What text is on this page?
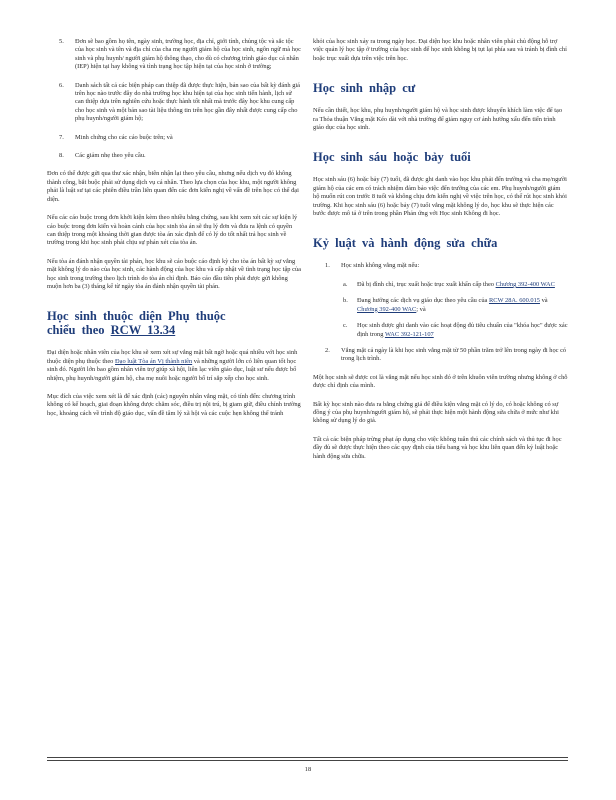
5. Đơn sẽ bao gồm họ tên, ngày sinh, trường học, địa chỉ, giới tính, chủng tộc và sắc tộc của học sinh và tên và địa chỉ của cha mẹ người giám hộ của học sinh, ngôn ngữ mà học sinh và phụ huynh/ người giám hộ thông thạo, cho dù có chương trình giáo dục cá nhân (IEP) hiện tại hay không và tình trạng học tập hiện tại của học sinh ở trường;
6. Danh sách tất cả các biện pháp can thiệp đã được thực hiện, bản sao của bất kỳ đánh giá trên học nào trước đây do nhà trường học khu hiện tại của học sinh tiến hành, lịch sử can thiệp dựa trên nghiên cứu hoặc thực hành tốt nhất mà trước đây học khu cung cấp cho học sinh và một bản sao tài liệu thông tin trên học gần đây nhất được cung cấp cho phụ huynh/người giám hộ;
7. Minh chứng cho các cáo buộc trên; và
8. Các giảm nhẹ theo yêu cầu.

Đơn có thể được gửi qua thư xác nhận, biên nhận lại theo yêu cầu, nhưng nếu dịch vụ đó không thành công, bắt buộc phải sử dụng dịch vụ cá nhân. Theo lựa chọn của học khu, một người không phải là luật sư tại các phiên điều trần liên quan đến các đơn kiến nghị về vấn đề trên học có thể đại diện.

Nếu các cáo buộc trong đơn khởi kiện kèm theo nhiều bằng chứng, sau khi xem xét các sự kiện lý cáo buộc trong đơn kiến và hoàn cảnh của học sinh tòa án sẽ thụ lý đơn và đưa ra lệnh có quyền can thiệp trong một khoảng thời gian được tòa án xác định để có lý do tốt nhất trả học sinh về trường trong khi học sinh phải chịu sự phán xét của tòa án.

Nếu tòa án đánh nhận quyền tài phán, học khu sẽ cáo buộc cáo định kỳ cho tòa án bất kỳ sự vắng mặt không lý do nào của học sinh, các hành động của học khu và cấp nhật về tình trạng học tập của học sinh trong trường theo lịch trình do tòa án chỉ định. Báo cáo đầu tiên phải được gửi không muộn hơn ba (3) tháng kể từ ngày tòa án đánh nhận quyền tài phán.

Học sinh thuộc diện Phụ thuộc
chiểu theo RCW 13.34

Đại diện hoặc nhân viên của học khu sẽ xem xét sự vắng mặt bất ngờ hoặc quá nhiều với học sinh thuộc diện phụ thuộc theo Đạo luật Tòa án Vị thành niên và những người lớn có liên quan tốt học sinh đó. Người lớn bao gồm nhân viên trợ giúp xã hội, liên lạc viên giáo dục, luật sư nếu được bổ nhiệm, phụ huynh/người giám hộ, cha mẹ nuôi hoặc người bố trí sắp xếp cho học sinh.

Mục đích của việc xem xét là để xác định (các) nguyên nhân vắng mặt, có tính đến: chương trình không có kế hoạch, giai đoạn không được chăm sóc, điều trị nội trú, bị giam giữ, điều chỉnh trường học, khoảng cách về trình độ giáo dục, vấn đề tâm lý xã hội và các cuộc hẹn không thể tránh

khỏi của học sinh xảy ra trong ngày học. Đại diện học khu hoặc nhân viên phải chủ động hỗ trợ việc quản lý học tập ở trường của học sinh để học sinh không bị tụt lại phía sau và tránh bị đình chỉ hoặc trục xuất dựa trên việc trên học.

Học sinh nhập cư

Nếu cần thiết, học khu, phụ huynh/người giám hộ và học sinh được khuyến khích làm việc để tạo ra Thỏa thuận Vắng mặt Kéo dài với nhà trường để giảm nguy cơ ảnh hưởng xấu đến tiến trình giáo dục của học sinh.

Học sinh sáu hoặc bảy tuổi

Học sinh sáu (6) hoặc bảy (7) tuổi, đã được ghi danh vào học khu phải đến trường và cha mẹ/người giám hộ của các em có trách nhiệm đảm bảo việc đến trường của các em. Phụ huynh/người giám hộ muốn rút con trước 8 tuổi và không chịu đơn kiến nghị về việc trên học, có thể rút học sinh khỏi trường. Khi học sinh sáu (6) hoặc bảy (7) tuổi vắng mặt không lý do, học khu sẽ thực hiện các bước được mô tả ở trên trong phần Phản ứng với Học sinh Không đi học.

Kỷ luật và hành động sửa chữa
1. Học sinh không vắng mặt nếu:
a. Đã bị đình chỉ, trục xuất hoặc trục xuất khẩn cấp theo Chương 392-400 WAC
b. Đang hưởng các dịch vụ giáo dục theo yêu cầu của RCW 28A. 600.015 và Chương 392-400 WAC; và
c. Học sinh được ghi danh vào các hoạt động đủ tiêu chuẩn của "khóa học" được xác định trong WAC 392-121-107
2. Vắng mặt cả ngày là khi học sinh vắng mặt từ 50 phần trăm trở lên trong ngày đi học có trong lịch trình.

Một học sinh sẽ được coi là vắng mặt nếu học sinh đó ở trên khuôn viên trường nhưng không ở chỗ được chỉ định của mình.

Bất kỳ học sinh nào đưa ra bằng chứng giả để điều kiện vắng mặt có lý do, có hoặc không có sự đồng ý của phụ huynh/người giám hộ, sẽ phải thực hiện một hành động sửa chữa ở mức như khi không sử dụng lý do giả.

Tất cả các biện pháp trừng phạt áp dụng cho việc không tuân thủ các chính sách và thủ tục đi học đầy đủ sẽ được thực hiện theo các quy định của tiểu bang và học khu liên quan đến kỷ luật hoặc hành động sửa chữa.

18
